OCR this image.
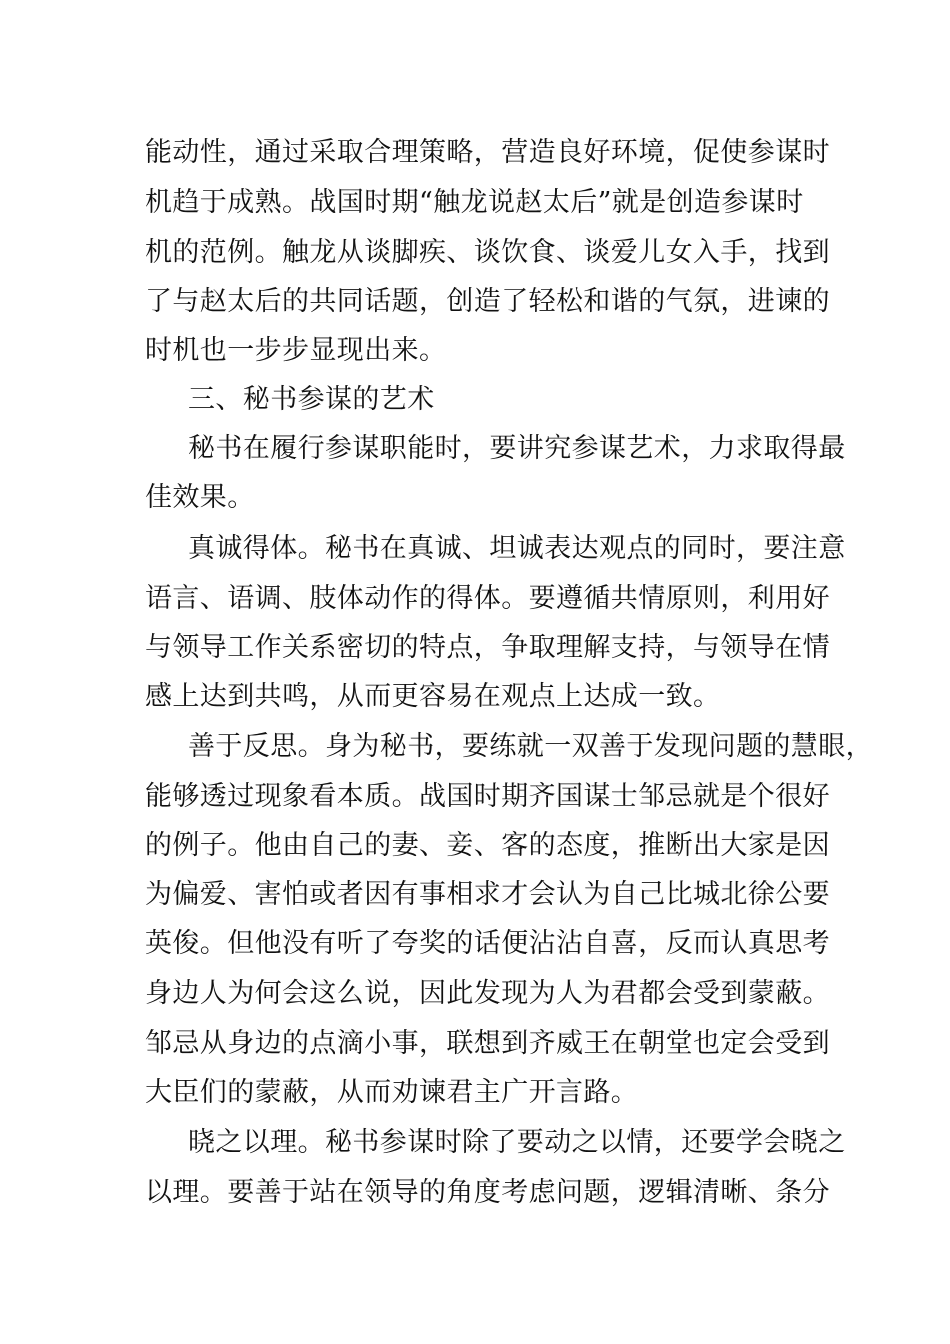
能动性，通过采取合理策略，营造良好环境，促使参谋时
机趋于成熟。战国时期“触龙说赵太后”就是创造参谋时
机的范例。触龙从谈脚疾、谈饮食、谈爱儿女入手，找到
了与赵太后的共同话题，创造了轻松和谐的气氛，进谏的
时机也一步步显现出来。
三、秘书参谋的艺术
秘书在履行参谋职能时，要讲究参谋艺术，力求取得最
佳效果。
真诚得体。秘书在真诚、坦诚表达观点的同时，要注意
语言、语调、肢体动作的得体。要遵循共情原则，利用好
与领导工作关系密切的特点，争取理解支持，与领导在情
感上达到共鸣，从而更容易在观点上达成一致。
善于反思。身为秘书，要练就一双善于发现问题的慧眼，
能够透过现象看本质。战国时期齐国谋士邹忌就是个很好
的例子。他由自己的妻、妾、客的态度，推断出大家是因
为偏爱、害怕或者因有事相求才会认为自己比城北徐公要
英俊。但他没有听了夸奖的话便沾沾自喜，反而认真思考
身边人为何会这么说，因此发现为人为君都会受到蒙蔽。
邹忌从身边的点滴小事，联想到齐威王在朝堂也定会受到
大臣们的蒙蔽，从而劝谏君主广开言路。
晓之以理。秘书参谋时除了要动之以情，还要学会晓之
以理。要善于站在领导的角度考虑问题，逻辑清晰、条分
